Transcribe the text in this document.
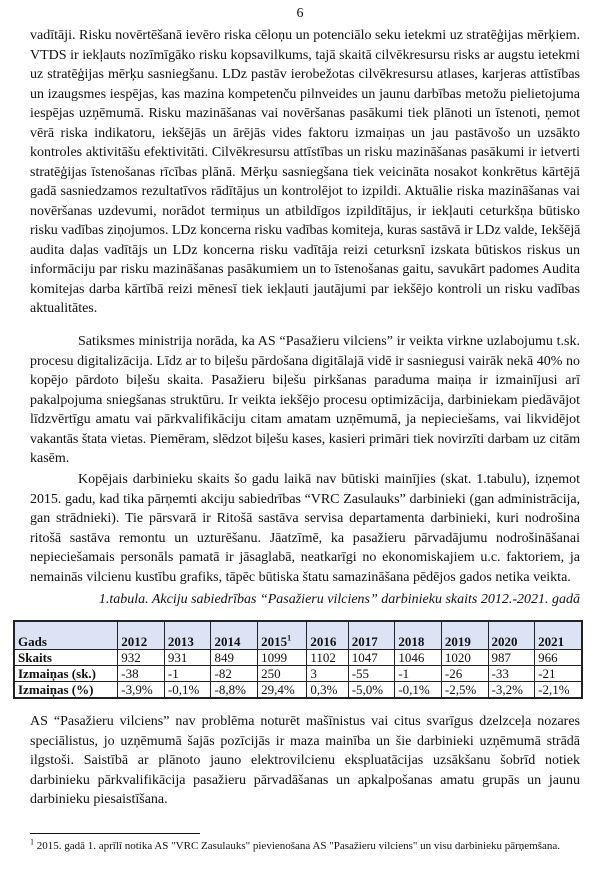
6
vadītāji. Risku novērtēšanā ievēro riska cēloņu un potenciālo seku ietekmi uz stratēģijas mērķiem.
VTDS ir iekļauts nozīmīgāko risku kopsavilkums, tajā skaitā cilvēkresursu risks ar augstu ietekmi
uz stratēģijas mērķu sasniegšanu. LDz pastāv ierobežotas cilvēkresursu atlases, karjeras attīstības
un izaugsmes iespējas, kas mazina kompetenču pilnveides un jaunu darbības metožu pielietojuma
iespējas uzņēmumā. Risku mazināšanas vai novēršanas pasākumi tiek plānoti un īstenoti, ņemot
vērā riska indikatoru, iekšējās un ārējās vides faktoru izmaiņas un jau pastāvošo un uzsākto
kontroles aktivitāšu efektivitāti. Cilvēkresursu attīstības un risku mazināšanas pasākumi ir ietverti
stratēģijas īstenošanas rīcības plānā. Mērķu sasniegšana tiek veicināta nosakot konkrētus kārtējā
gadā sasniedzamos rezultatīvos rādītājus un kontrolējot to izpildi. Aktuālie riska mazināšanas vai
novēršanas uzdevumi, norādot termiņus un atbildīgos izpildītājus, ir iekļauti ceturkšņa būtisko
risku vadības ziņojumos. LDz koncerna risku vadības komiteja, kuras sastāvā ir LDz valde, Iekšējā
audita daļas vadītājs un LDz koncerna risku vadītāja reizi ceturksnī izskata būtiskos riskus un
informāciju par risku mazināšanas pasākumiem un to īstenošanas gaitu, savukārt padomes Audita
komitejas darba kārtībā reizi mēnesī tiek iekļauti jautājumi par iekšējo kontroli un risku vadības
aktualitātes.
Satiksmes ministrija norāda, ka AS “Pasažieru vilciens” ir veikta virkne uzlabojumu t.sk.
procesu digitalizācija. Līdz ar to biļešu pārdošana digitālajā vidē ir sasniegusi vairāk nekā 40% no
kopējo pārdoto biļešu skaita. Pasažieru biļešu pirkšanas paraduma maiņa ir izmainījusi arī
pakalpojuma sniegšanas struktūru. Ir veikta iekšējo procesu optimizācija, darbiniekam piedāvājot
līdzvērtīgu amatu vai pārkvalifikāciju citam amatam uzņēmumā, ja nepieciešams, vai likvidējot
vakantās štata vietas. Piemēram, slēdzot biļešu kases, kasieri primāri tiek novirzīti darbam uz citām
kasēm.
Kopējais darbinieku skaits šo gadu laikā nav būtiski mainījies (skat. 1.tabulu), izņemot
2015. gadu, kad tika pārņemti akciju sabiedrības “VRC Zasulauks” darbinieki (gan administrācija,
gan strādnieki). Tie pārsvarā ir Ritošā sastāva servisa departamenta darbinieki, kuri nodrošina
ritošā sastāva remontu un uzturēšanu. Jāatzīmē, ka pasažieru pārvadājumu nodrošināšanai
nepieciešamais personāls pamatā ir jāsaglabā, neatkarīgi no ekonomiskajiem u.c. faktoriem, ja
nemainās vilcienu kustību grafiks, tāpēc būtiska štatu samazināšana pēdējos gados netika veikta.
1.tabula. Akciju sabiedrības “Pasažieru vilciens” darbinieku skaits 2012.-2021. gadā
Gads	2012	2013	2014	2015$^1$	2016	2017	2018	2019	2020	2021
Skaits	932	931	849	1099	1102	1047	1046	1020	987	966
Izmaiņas (sk.)	-38	-1	-82	250	3	-55	-1	-26	-33	-21
Izmaiņas (%)	-3,9%	-0,1%	-8,8%	29,4%	0,3%	-5,0%	-0,1%	-2,5%	-3,2%	-2,1%
AS “Pasažieru vilciens” nav problēma noturēt mašīnistus vai citus svarīgus dzelzceļa nozares
speciālistus, jo uzņēmumā šajās pozīcijās ir maza mainība un šie darbinieki uzņēmumā strādā
ilgstoši. Saistībā ar plānoto jauno elektrovilcienu ekspluatācijas uzsākšanu šobrīd notiek
darbinieku pārkvalifikācija pasažieru pārvadāšanas un apkalpošanas amatu grupās un jaunu
darbinieku piesaistīšana.
$^1$ 2015. gadā 1. aprīlī notika AS "VRC Zasulauks" pievienošana AS "Pasažieru vilciens" un visu darbinieku pārņemšana.
